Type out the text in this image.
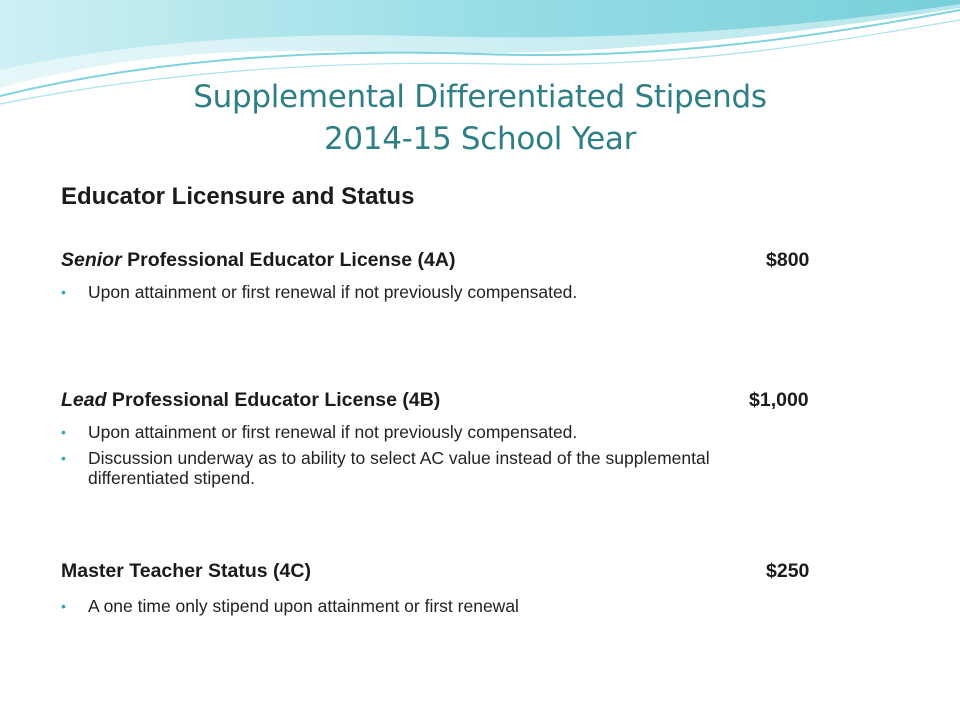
Supplemental Differentiated Stipends
2014-15 School Year
Educator Licensure and Status
Senior Professional Educator License (4A)	$800
• Upon attainment or first renewal if not previously compensated.
Lead Professional Educator License (4B)	$1,000
• Upon attainment or first renewal if not previously compensated.
• Discussion underway as to ability to select AC value instead of the supplemental differentiated stipend.
Master Teacher Status (4C)	$250
• A one time only stipend upon attainment or first renewal
